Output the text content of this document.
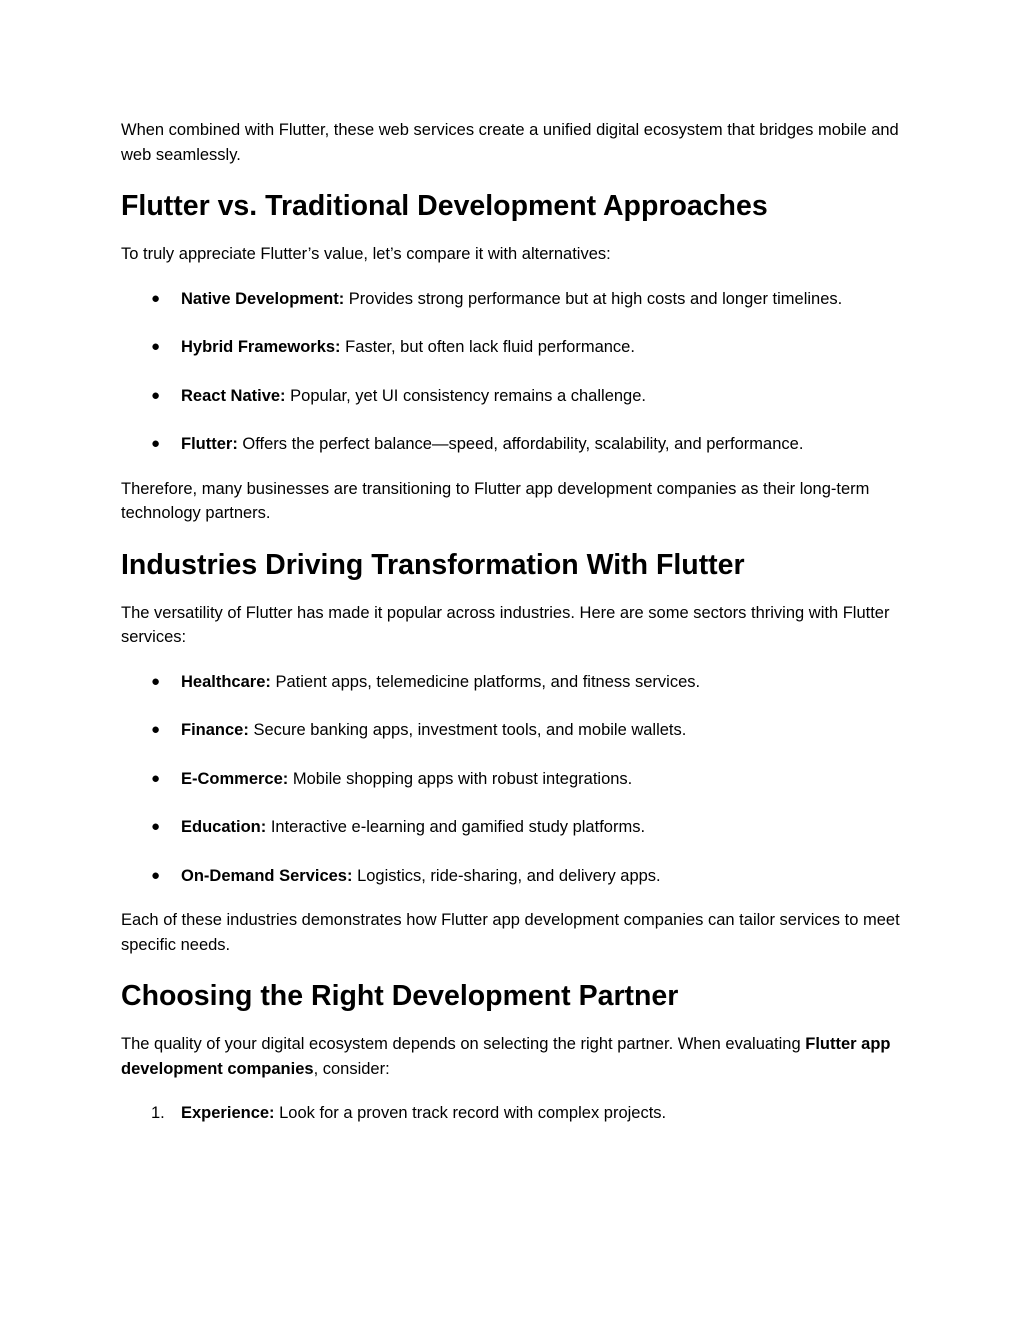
When combined with Flutter, these web services create a unified digital ecosystem that bridges mobile and web seamlessly.

Flutter vs. Traditional Development Approaches

To truly appreciate Flutter’s value, let’s compare it with alternatives:

● Native Development: Provides strong performance but at high costs and longer timelines.
● Hybrid Frameworks: Faster, but often lack fluid performance.
● React Native: Popular, yet UI consistency remains a challenge.
● Flutter: Offers the perfect balance—speed, affordability, scalability, and performance.

Therefore, many businesses are transitioning to Flutter app development companies as their long-term technology partners.

Industries Driving Transformation With Flutter

The versatility of Flutter has made it popular across industries. Here are some sectors thriving with Flutter services:

● Healthcare: Patient apps, telemedicine platforms, and fitness services.
● Finance: Secure banking apps, investment tools, and mobile wallets.
● E-Commerce: Mobile shopping apps with robust integrations.
● Education: Interactive e-learning and gamified study platforms.
● On-Demand Services: Logistics, ride-sharing, and delivery apps.

Each of these industries demonstrates how Flutter app development companies can tailor services to meet specific needs.

Choosing the Right Development Partner

The quality of your digital ecosystem depends on selecting the right partner. When evaluating Flutter app development companies, consider:

1. Experience: Look for a proven track record with complex projects.
